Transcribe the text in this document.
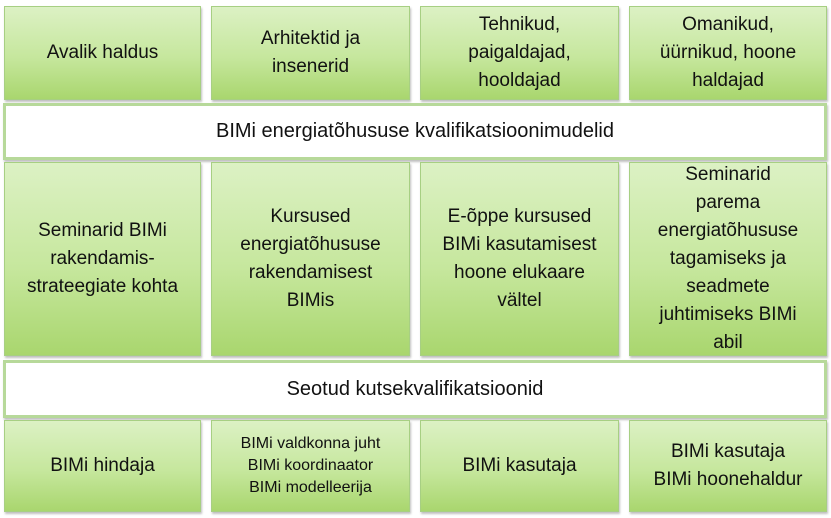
Avalik haldus
Arhitektid ja
insenerid
Tehnikud,
paigaldajad,
hooldajad
Omanikud,
üürnikud, hoone
haldajad
BIMi energiatõhususe kvalifikatsioonimudelid
Seminarid BIMi
rakendamis-
strateegiate kohta
Kursused
energiatõhususe
rakendamisest
BIMis
E-õppe kursused
BIMi kasutamisest
hoone elukaare
vältel
Seminarid
parema
energiatõhususe
tagamiseks ja
seadmete
juhtimiseks BIMi
abil
Seotud kutsekvalifikatsioonid
BIMi hindaja
BIMi valdkonna juht
BIMi koordinaator
BIMi modelleerija
BIMi kasutaja
BIMi kasutaja
BIMi hoonehaldur
